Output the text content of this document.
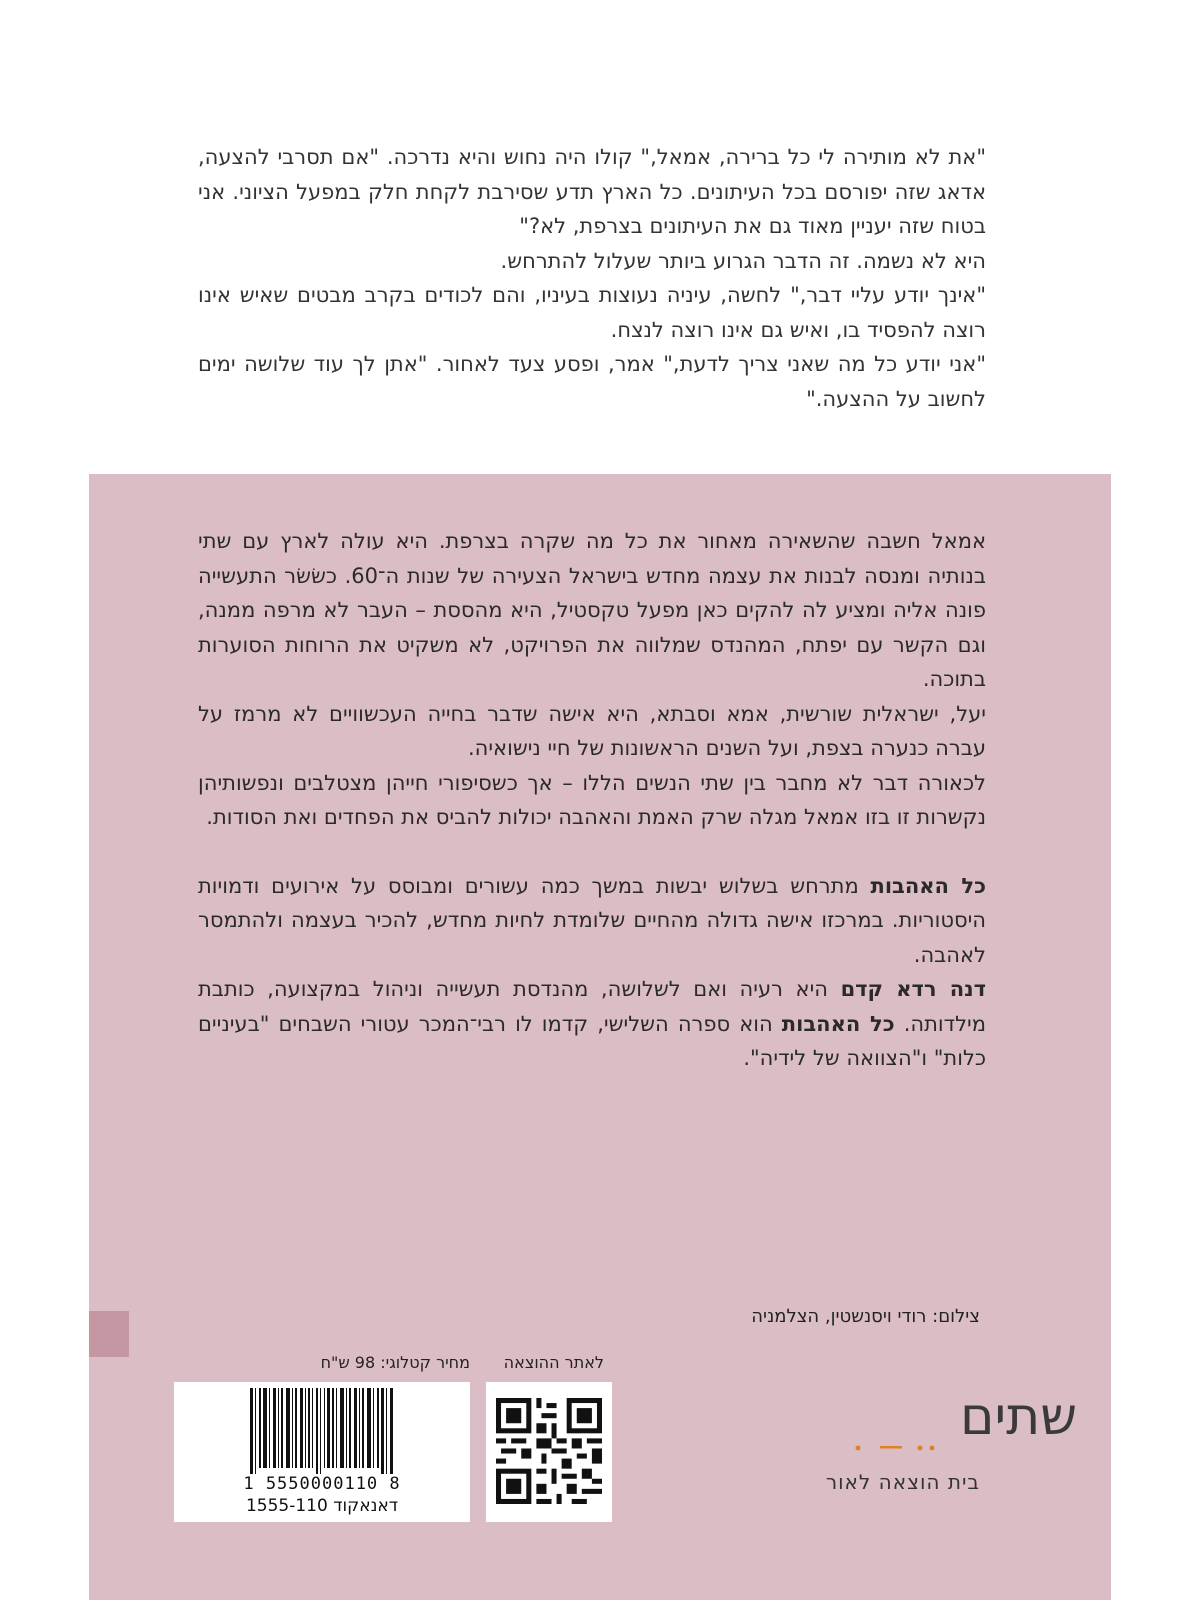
"את לא מותירה לי כל ברירה, אמאל," קולו היה נחוש והיא נדרכה. "אם תסרבי להצעה, אדאג שזה יפורסם בכל העיתונים. כל הארץ תדע שסירבת לקחת חלק במפעל הציוני. אני בטוח שזה יעניין מאוד גם את העיתונים בצרפת, לא?"

היא לא נשמה. זה הדבר הגרוע ביותר שעלול להתרחש.

"אינך יודע עליי דבר," לחשה, עיניה נעוצות בעיניו, והם לכודים בקרב מבטים שאיש אינו רוצה להפסיד בו, ואיש גם אינו רוצה לנצח.

"אני יודע כל מה שאני צריך לדעת," אמר, ופסע צעד לאחור. "אתן לך עוד שלושה ימים לחשוב על ההצעה."

אמאל חשבה שהשאירה מאחור את כל מה שקרה בצרפת. היא עולה לארץ עם שתי בנותיה ומנסה לבנות את עצמה מחדש בישראל הצעירה של שנות ה־60. כשׂשׂר התעשייה פונה אליה ומציע לה להקים כאן מפעל טקסטיל, היא מהססת – העבר לא מרפה ממנה, וגם הקשר עם יפתח, המהנדס שמלווה את הפרויקט, לא משקיט את הרוחות הסוערות בתוכה.

יעל, ישראלית שורשית, אמא וסבתא, היא אישה שדבר בחייה העכשוויים לא מרמז על עברה כנערה בצפת, ועל השנים הראשונות של חיי נישואיה.

לכאורה דבר לא מחבר בין שתי הנשים הללו – אך כשסיפורי חייהן מצטלבים ונפשותיהן נקשרות זו בזו אמאל מגלה שרק האמת והאהבה יכולות להביס את הפחדים ואת הסודות.

כל האהבות מתרחש בשלוש יבשות במשך כמה עשורים ומבוסס על אירועים ודמויות היסטוריות. במרכזו אישה גדולה מהחיים שלומדת לחיות מחדש, להכיר בעצמה ולהתמסר לאהבה.

דנה רדא קדם היא רעיה ואם לשלושה, מהנדסת תעשייה וניהול במקצועה, כותבת מילדותה. כל האהבות הוא ספרה השלישי, קדמו לו רבי־המכר עטורי השבחים "בעיניים כלות" ו"הצוואה של לידיה".

צילום: רודי ויסנשטין, הצלמניה
לאתר ההוצאה
מחיר קטלוגי: 98 ש"ח
1 5550000110 8
דאנאקוד 1555-110
שתים
בית הוצאה לאור
